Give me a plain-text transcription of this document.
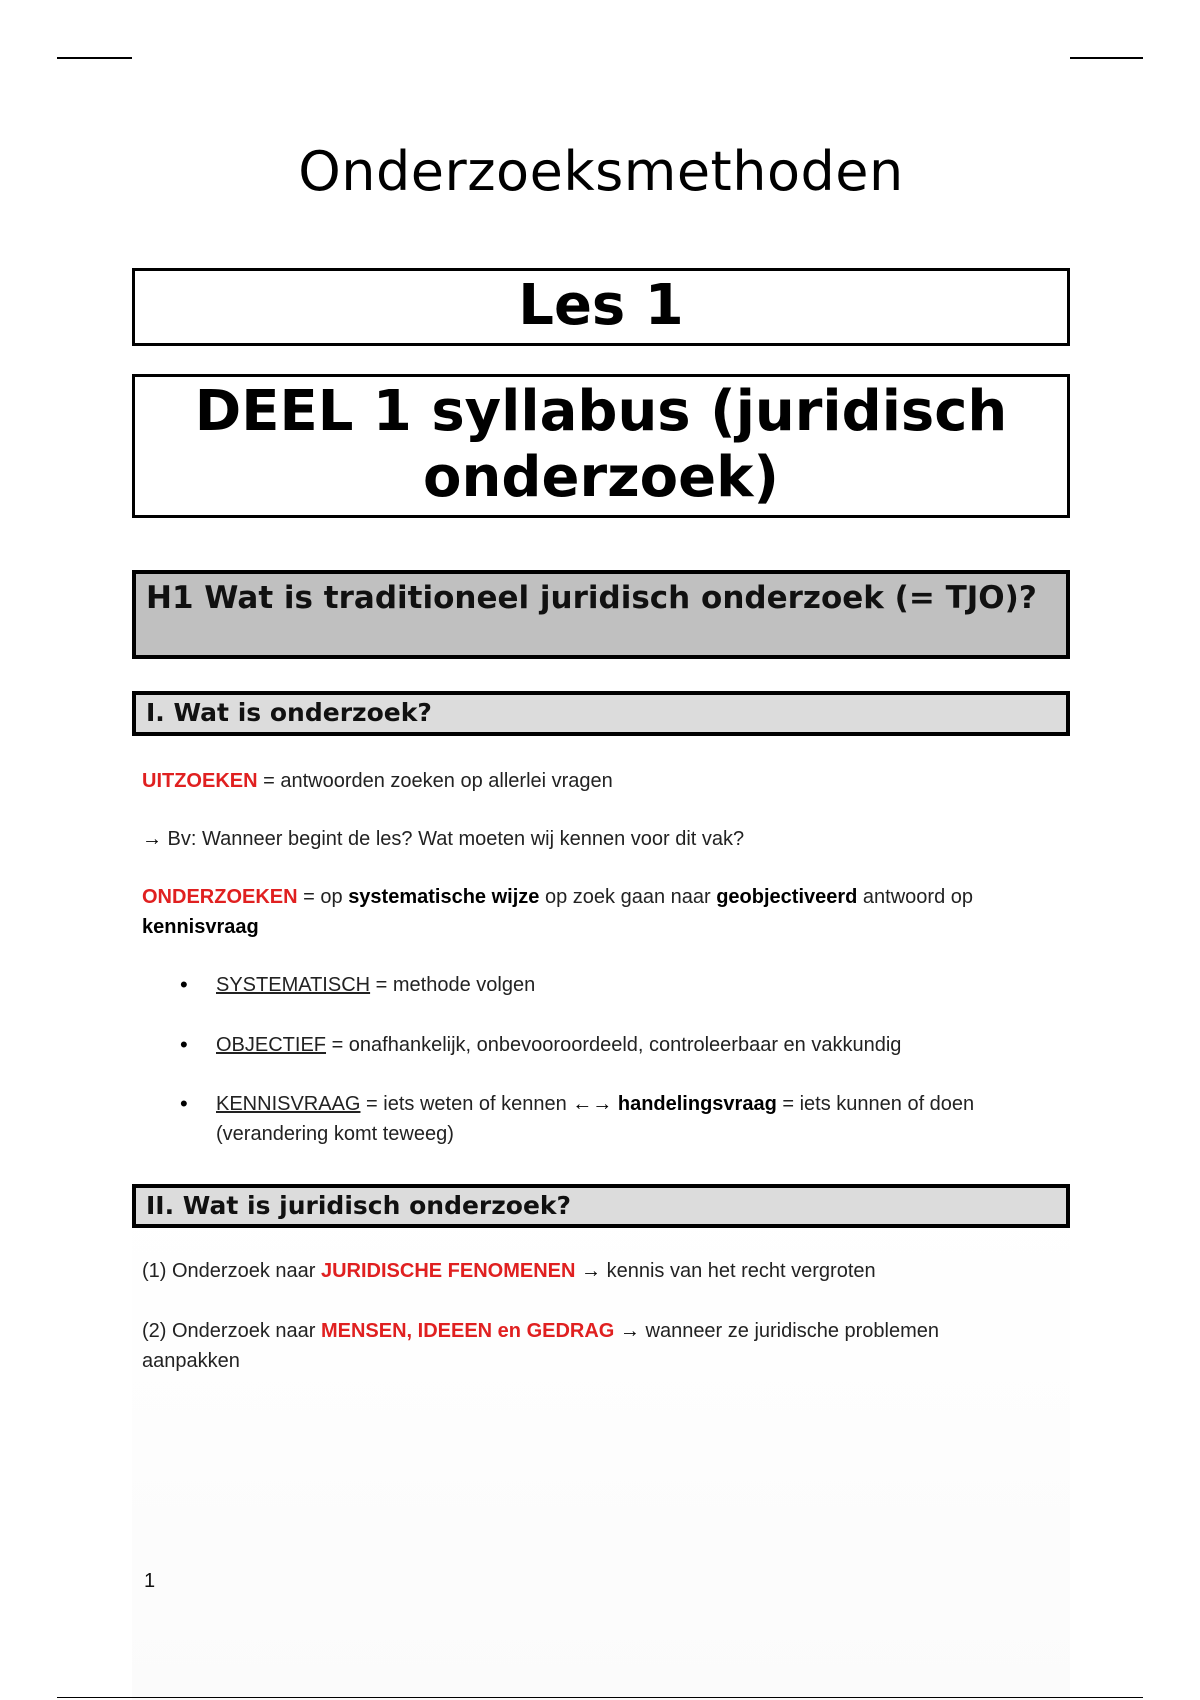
Onderzoeksmethoden
Les 1
DEEL 1 syllabus (juridisch onderzoek)
H1 Wat is traditioneel juridisch onderzoek (= TJO)?
I. Wat is onderzoek?
UITZOEKEN = antwoorden zoeken op allerlei vragen
→ Bv: Wanneer begint de les? Wat moeten wij kennen voor dit vak?
ONDERZOEKEN = op systematische wijze op zoek gaan naar geobjectiveerd antwoord op kennisvraag
• SYSTEMATISCH = methode volgen
• OBJECTIEF = onafhankelijk, onbevooroordeeld, controleerbaar en vakkundig
• KENNISVRAAG = iets weten of kennen ←→ handelingsvraag = iets kunnen of doen (verandering komt teweeg)
II. Wat is juridisch onderzoek?
(1) Onderzoek naar JURIDISCHE FENOMENEN → kennis van het recht vergroten
(2) Onderzoek naar MENSEN, IDEEEN en GEDRAG → wanneer ze juridische problemen aanpakken
1
